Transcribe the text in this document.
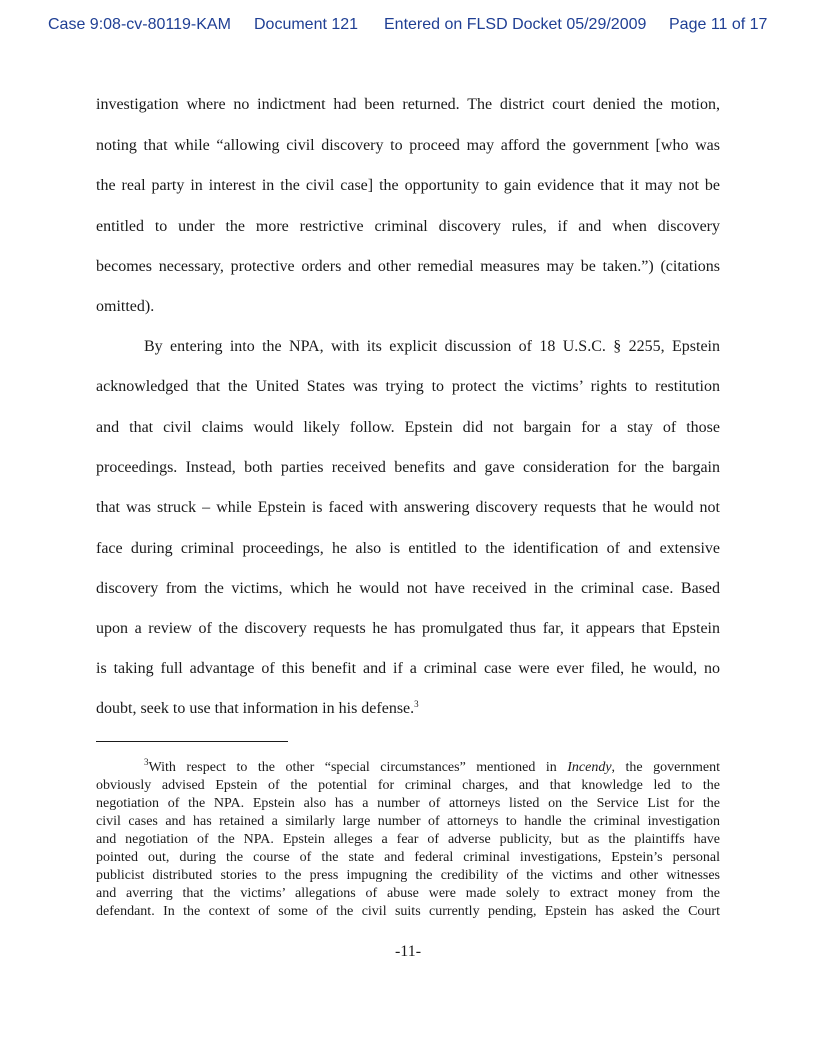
Case 9:08-cv-80119-KAM Document 121 Entered on FLSD Docket 05/29/2009 Page 11 of 17
investigation where no indictment had been returned. The district court denied the motion,
noting that while “allowing civil discovery to proceed may afford the government [who was
the real party in interest in the civil case] the opportunity to gain evidence that it may not be
entitled to under the more restrictive criminal discovery rules, if and when discovery
becomes necessary, protective orders and other remedial measures may be taken.”) (citations
omitted).
By entering into the NPA, with its explicit discussion of 18 U.S.C. § 2255, Epstein
acknowledged that the United States was trying to protect the victims’ rights to restitution
and that civil claims would likely follow. Epstein did not bargain for a stay of those
proceedings. Instead, both parties received benefits and gave consideration for the bargain
that was struck – while Epstein is faced with answering discovery requests that he would not
face during criminal proceedings, he also is entitled to the identification of and extensive
discovery from the victims, which he would not have received in the criminal case. Based
upon a review of the discovery requests he has promulgated thus far, it appears that Epstein
is taking full advantage of this benefit and if a criminal case were ever filed, he would, no
doubt, seek to use that information in his defense.$^3$
$^3$With respect to the other “special circumstances” mentioned in Incendy, the government
obviously advised Epstein of the potential for criminal charges, and that knowledge led to the
negotiation of the NPA. Epstein also has a number of attorneys listed on the Service List for the
civil cases and has retained a similarly large number of attorneys to handle the criminal investigation
and negotiation of the NPA. Epstein alleges a fear of adverse publicity, but as the plaintiffs have
pointed out, during the course of the state and federal criminal investigations, Epstein’s personal
publicist distributed stories to the press impugning the credibility of the victims and other witnesses
and averring that the victims’ allegations of abuse were made solely to extract money from the
defendant. In the context of some of the civil suits currently pending, Epstein has asked the Court
-11-
